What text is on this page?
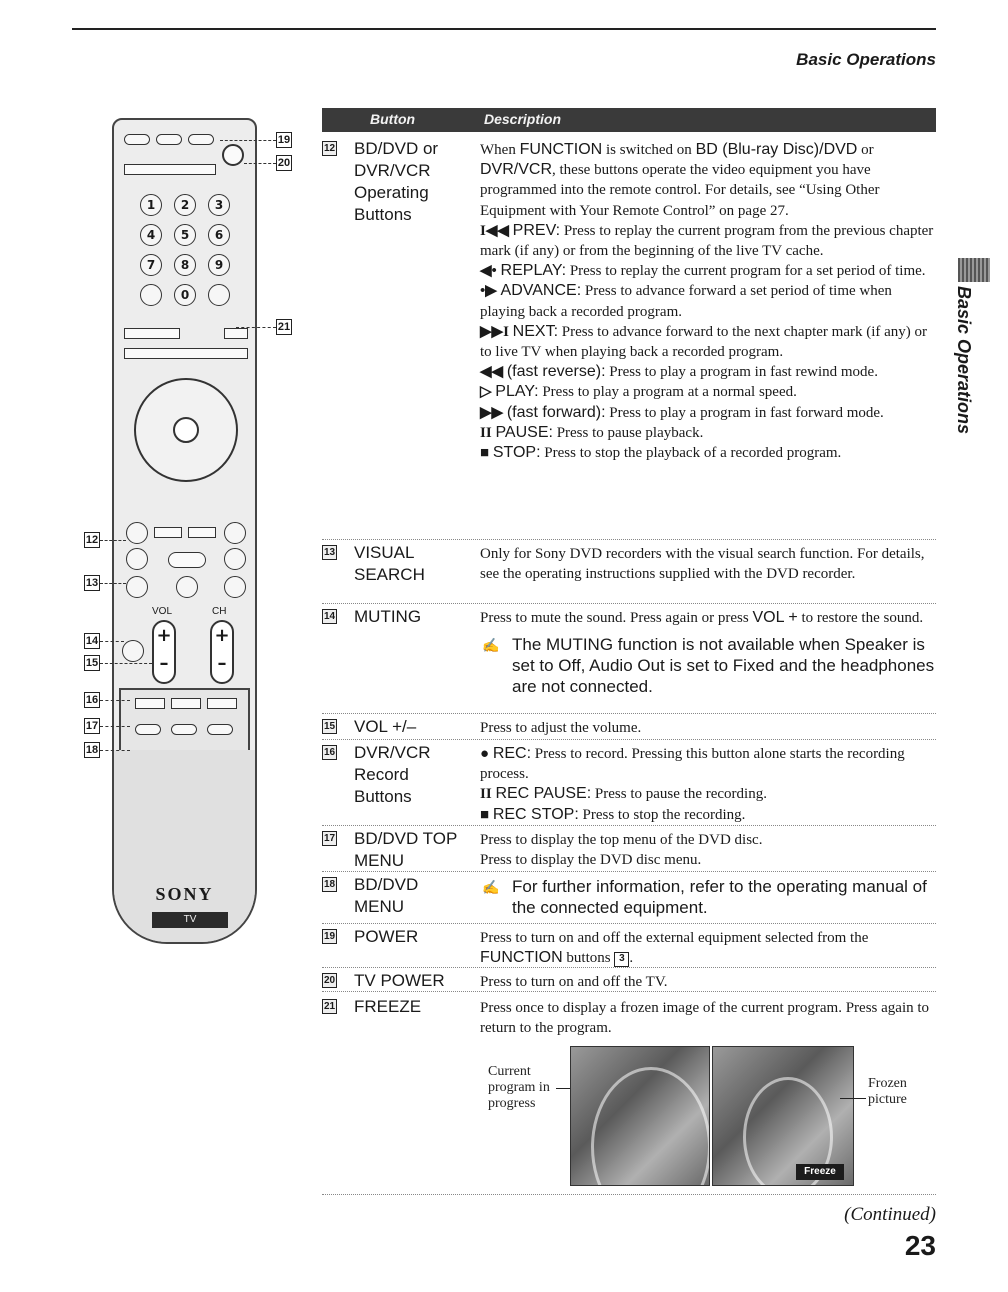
Basic Operations
1	2	3
4	5	6
7	8	9
0
VOL	CH
+
–
+
–
SONY
TV
19
20
21
12
13
14
15
16
17
18
Button	Description
12 BD/DVD or
DVR/VCR
Operating
Buttons
When FUNCTION is switched on BD (Blu-ray Disc)/DVD or DVR/VCR, these buttons operate the video equipment you have programmed into the remote control. For details, see “Using Other Equipment with Your Remote Control” on page 27.
I◀◀ PREV: Press to replay the current program from the previous chapter mark (if any) or from the beginning of the live TV cache.
◀• REPLAY: Press to replay the current program for a set period of time.
•▶ ADVANCE: Press to advance forward a set period of time when playing back a recorded program.
▶▶I NEXT: Press to advance forward to the next chapter mark (if any) or to live TV when playing back a recorded program.
◀◀ (fast reverse): Press to play a program in fast rewind mode.
▷ PLAY: Press to play a program at a normal speed.
▶▶ (fast forward): Press to play a program in fast forward mode.
II PAUSE: Press to pause playback.
■ STOP: Press to stop the playback of a recorded program.
13 VISUAL
SEARCH
Only for Sony DVD recorders with the visual search function. For details, see the operating instructions supplied with the DVD recorder.
14 MUTING	Press to mute the sound. Press again or press VOL + to restore the sound.
✍ The MUTING function is not available when Speaker is set to Off, Audio Out is set to Fixed and the headphones are not connected.
15 VOL +/–	Press to adjust the volume.
16 DVR/VCR
Record
Buttons
● REC: Press to record. Pressing this button alone starts the recording process.
II REC PAUSE: Press to pause the recording.
■ REC STOP: Press to stop the recording.
17 BD/DVD TOP
MENU
Press to display the top menu of the DVD disc.
Press to display the DVD disc menu.
18 BD/DVD
MENU
✍ For further information, refer to the operating manual of the connected equipment.
19 POWER	Press to turn on and off the external equipment selected from the FUNCTION buttons 3 .
20 TV POWER	Press to turn on and off the TV.
21 FREEZE	Press once to display a frozen image of the current program. Press again to return to the program.
Current
program in
progress
Freeze
Frozen
picture
(Continued)
23
Basic Operations
